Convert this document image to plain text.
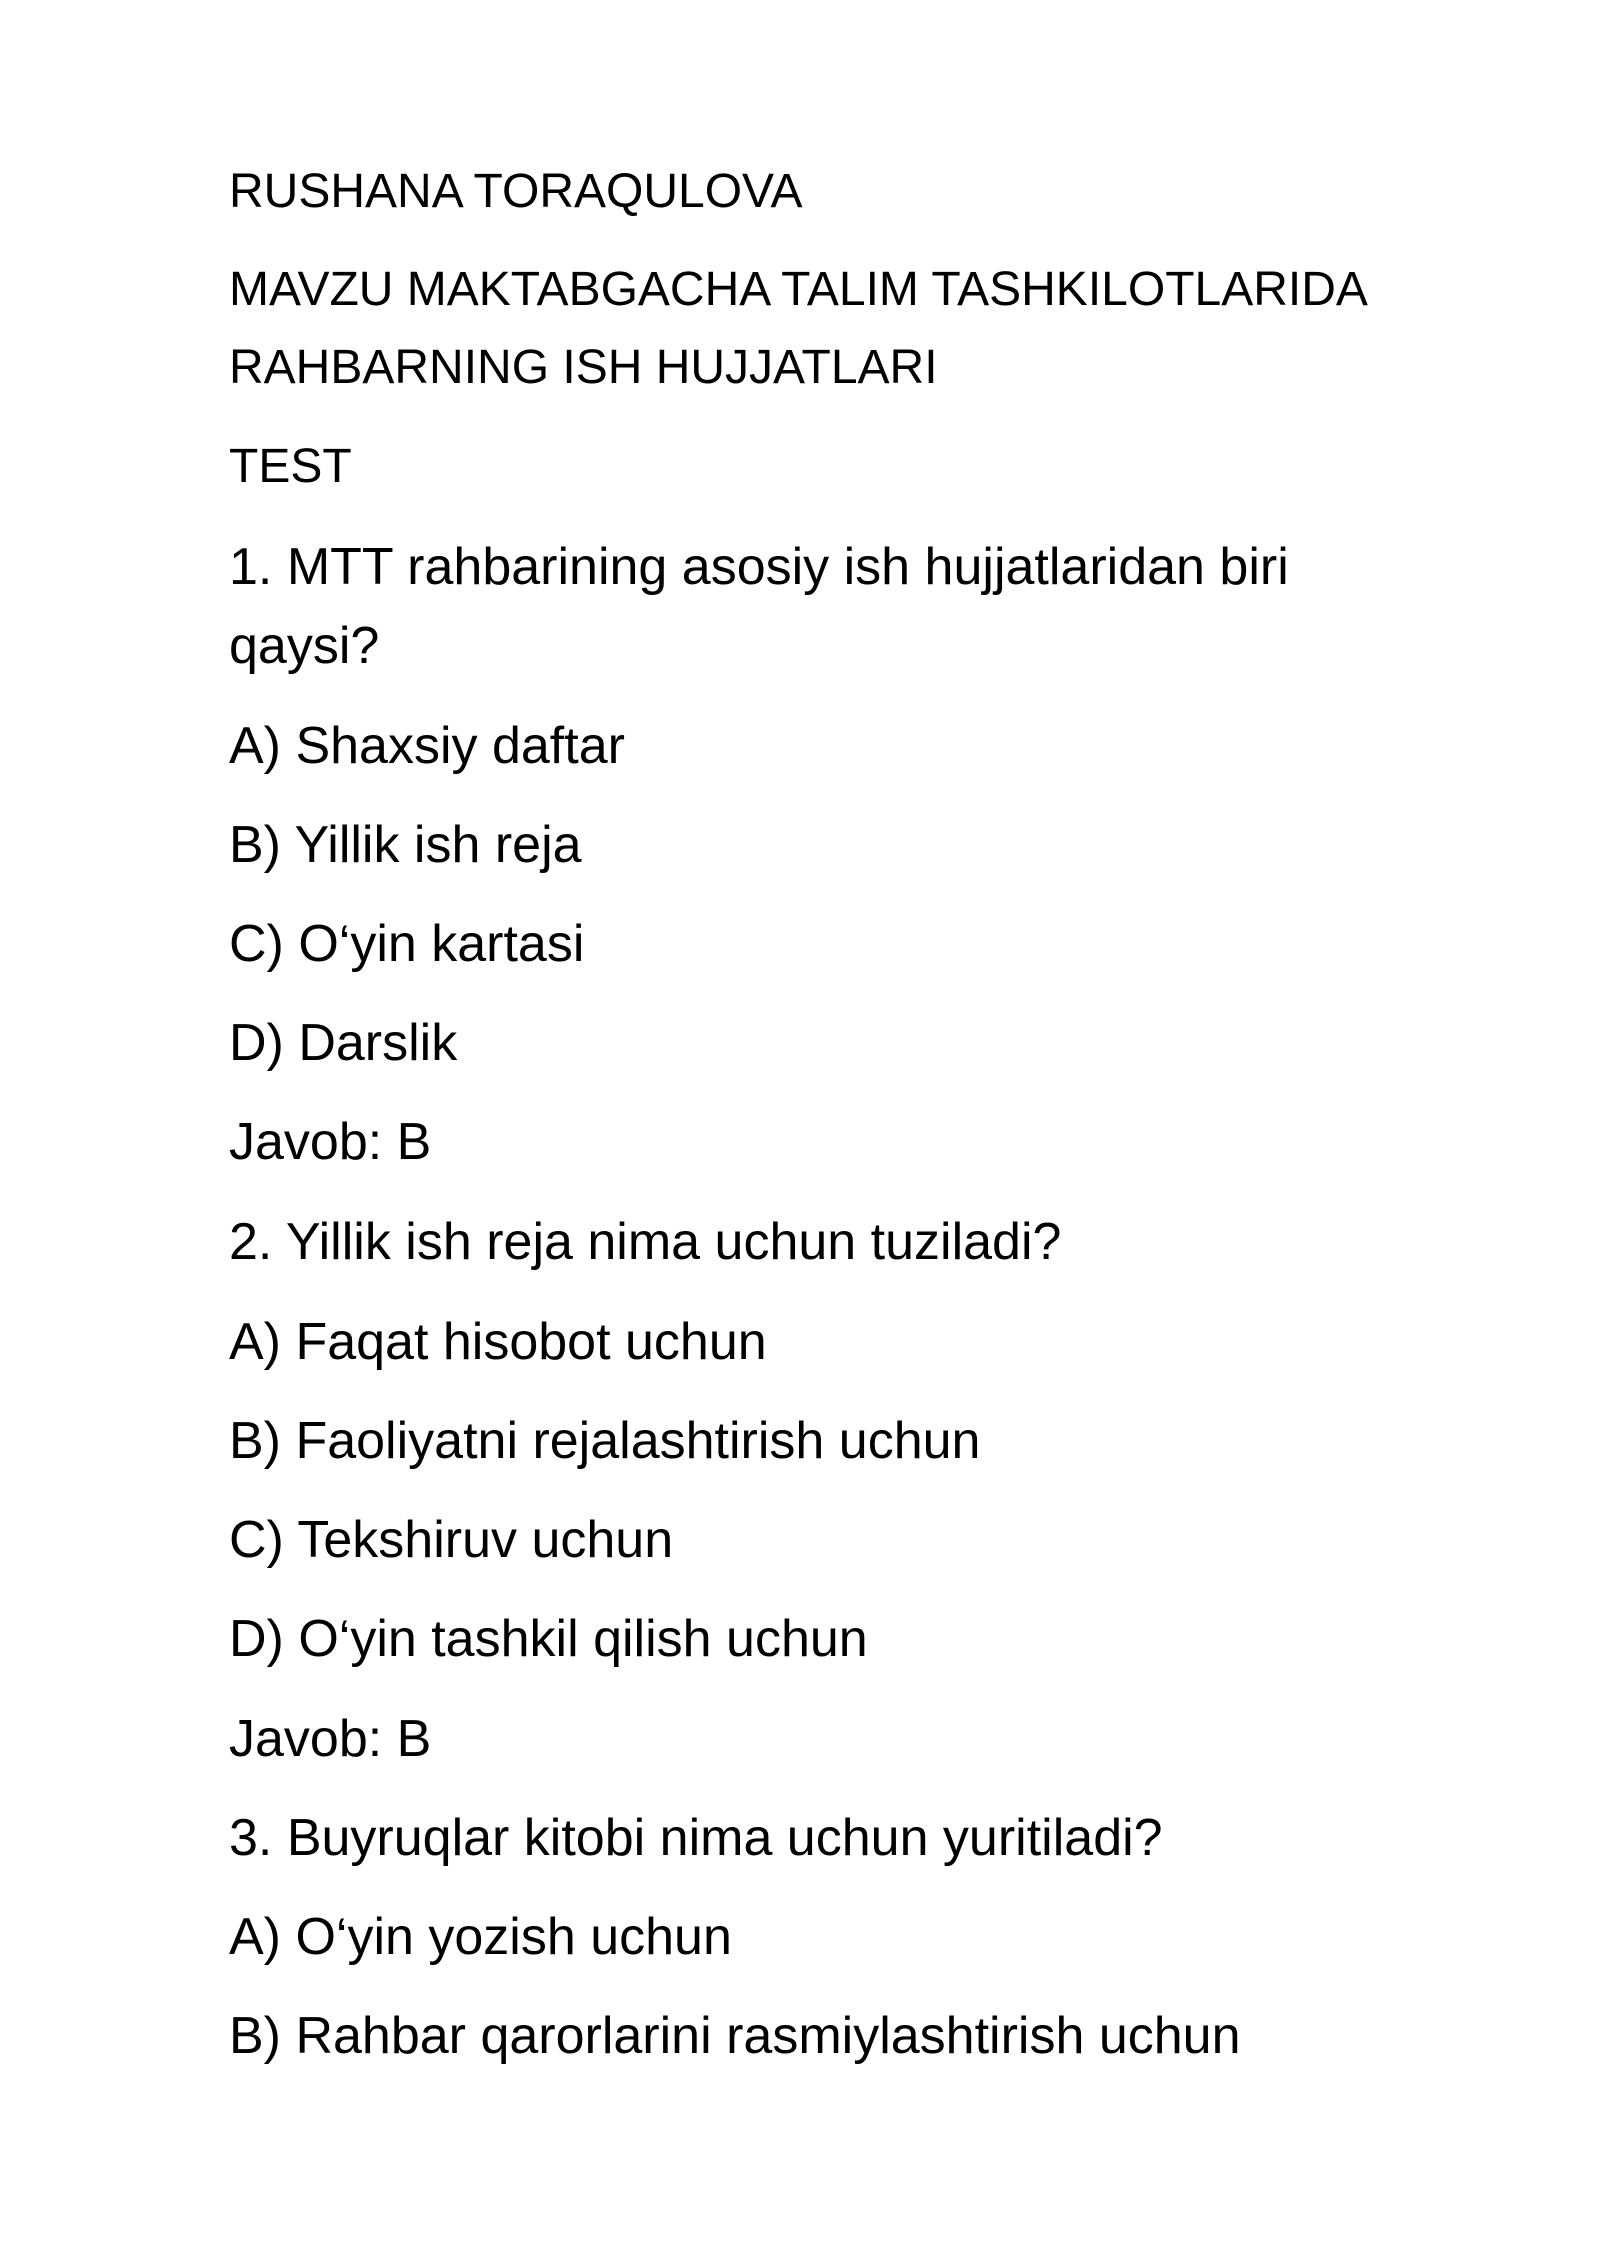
RUSHANA TORAQULOVA

MAVZU MAKTABGACHA TALIM TASHKILOTLARIDA

RAHBARNING ISH HUJJATLARI

TEST

1. MTT rahbarining asosiy ish hujjatlaridan biri

qaysi?

A) Shaxsiy daftar

B) Yillik ish reja

C) O‘yin kartasi

D) Darslik

Javob: B

2. Yillik ish reja nima uchun tuziladi?

A) Faqat hisobot uchun

B) Faoliyatni rejalashtirish uchun

C) Tekshiruv uchun

D) O‘yin tashkil qilish uchun

Javob: B

3. Buyruqlar kitobi nima uchun yuritiladi?

A) O‘yin yozish uchun

B) Rahbar qarorlarini rasmiylashtirish uchun
